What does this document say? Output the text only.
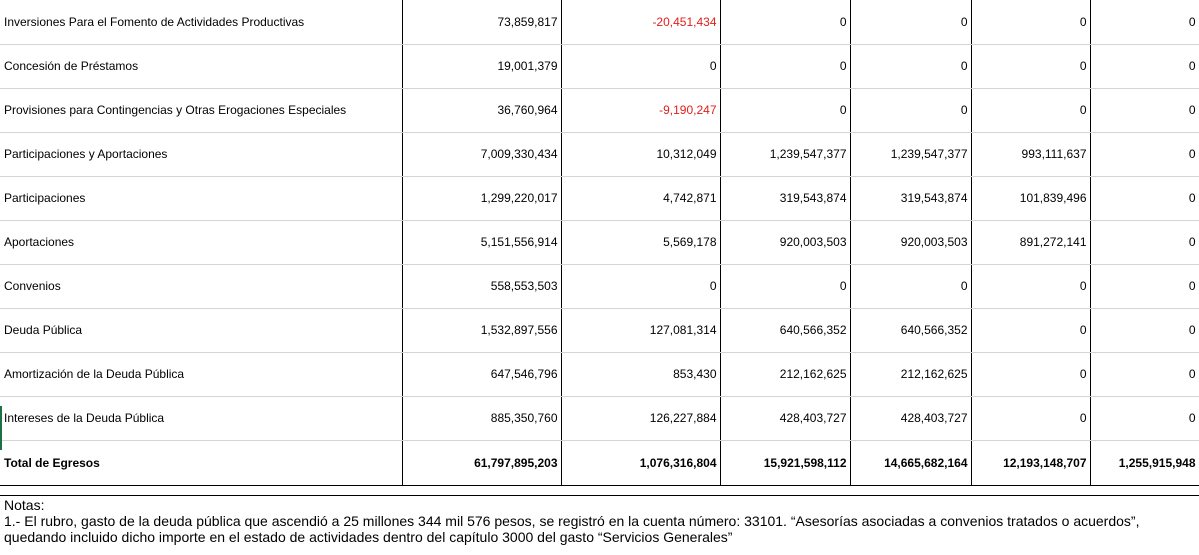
Inversiones Para el Fomento de Actividades Productivas	73,859,817	-20,451,434	0	0	0	0
Concesión de Préstamos	19,001,379	0	0	0	0	0
Provisiones para Contingencias y Otras Erogaciones Especiales	36,760,964	-9,190,247	0	0	0	0
Participaciones y Aportaciones	7,009,330,434	10,312,049	1,239,547,377	1,239,547,377	993,111,637	0
Participaciones	1,299,220,017	4,742,871	319,543,874	319,543,874	101,839,496	0
Aportaciones	5,151,556,914	5,569,178	920,003,503	920,003,503	891,272,141	0
Convenios	558,553,503	0	0	0	0	0
Deuda Pública	1,532,897,556	127,081,314	640,566,352	640,566,352	0	0
Amortización de la Deuda Pública	647,546,796	853,430	212,162,625	212,162,625	0	0
Intereses de la Deuda Pública	885,350,760	126,227,884	428,403,727	428,403,727	0	0
Total de Egresos	61,797,895,203	1,076,316,804	15,921,598,112	14,665,682,164	12,193,148,707	1,255,915,948
Notas:
1.- El rubro, gasto de la deuda pública que ascendió a 25 millones 344 mil 576 pesos, se registró en la cuenta número: 33101. “Asesorías asociadas a convenios tratados o acuerdos”,
quedando incluido dicho importe en el estado de actividades dentro del capítulo 3000 del gasto “Servicios Generales”
